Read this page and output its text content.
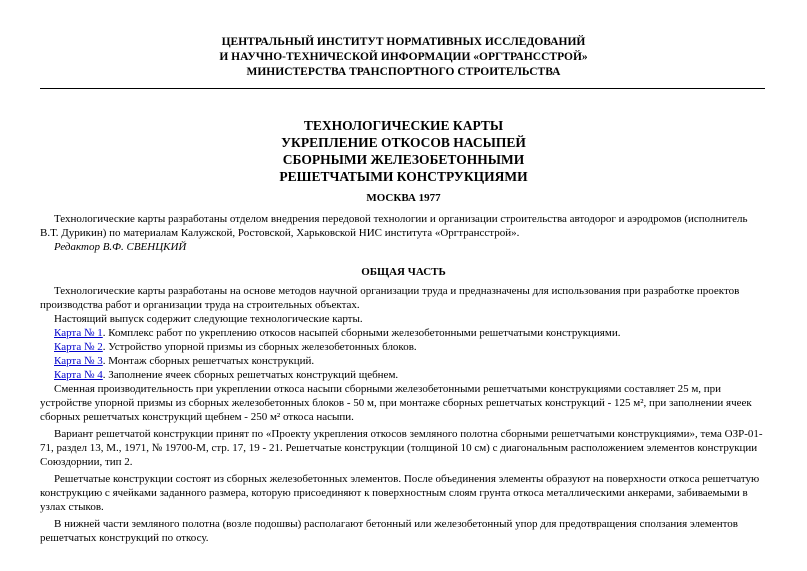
ЦЕНТРАЛЬНЫЙ ИНСТИТУТ НОРМАТИВНЫХ ИССЛЕДОВАНИЙ
И НАУЧНО-ТЕХНИЧЕСКОЙ ИНФОРМАЦИИ «ОРГТРАНССТРОЙ»
МИНИСТЕРСТВА ТРАНСПОРТНОГО СТРОИТЕЛЬСТВА
ТЕХНОЛОГИЧЕСКИЕ КАРТЫ
УКРЕПЛЕНИЕ ОТКОСОВ НАСЫПЕЙ
СБОРНЫМИ ЖЕЛЕЗОБЕТОННЫМИ
РЕШЕТЧАТЫМИ КОНСТРУКЦИЯМИ
МОСКВА 1977
Технологические карты разработаны отделом внедрения передовой технологии и организации строительства автодорог и аэродромов (исполнитель
В.Т. Дурикин) по материалам Калужской, Ростовской, Харьковской НИС института «Оргтрансстрой».
Редактор В.Ф. СВЕНЦКИЙ
ОБЩАЯ ЧАСТЬ
Технологические карты разработаны на основе методов научной организации труда и предназначены для использования при разработке проектов
производства работ и организации труда на строительных объектах.
Настоящий выпуск содержит следующие технологические карты.
Карта № 1. Комплекс работ по укреплению откосов насыпей сборными железобетонными решетчатыми конструкциями.
Карта № 2. Устройство упорной призмы из сборных железобетонных блоков.
Карта № 3. Монтаж сборных решетчатых конструкций.
Карта № 4. Заполнение ячеек сборных решетчатых конструкций щебнем.
Сменная производительность при укреплении откоса насыпи сборными железобетонными решетчатыми конструкциями составляет 25 м, при
устройстве упорной призмы из сборных железобетонных блоков - 50 м, при монтаже сборных решетчатых конструкций - 125 м², при заполнении ячеек
сборных решетчатых конструкций щебнем - 250 м² откоса насыпи.
Вариант решетчатой конструкции принят по «Проекту укрепления откосов земляного полотна сборными решетчатыми конструкциями», тема ОЗР-01-
71, раздел 13, М., 1971, № 19700-М, стр. 17, 19 - 21. Решетчатые конструкции (толщиной 10 см) с диагональным расположением элементов конструкции
Союздорнии, тип 2.
Решетчатые конструкции состоят из сборных железобетонных элементов. После объединения элементы образуют на поверхности откоса решетчатую
конструкцию с ячейками заданного размера, которую присоединяют к поверхностным слоям грунта откоса металлическими анкерами, забиваемыми в
узлах стыков.
В нижней части земляного полотна (возле подошвы) располагают бетонный или железобетонный упор для предотвращения сползания элементов
решетчатых конструкций по откосу.
